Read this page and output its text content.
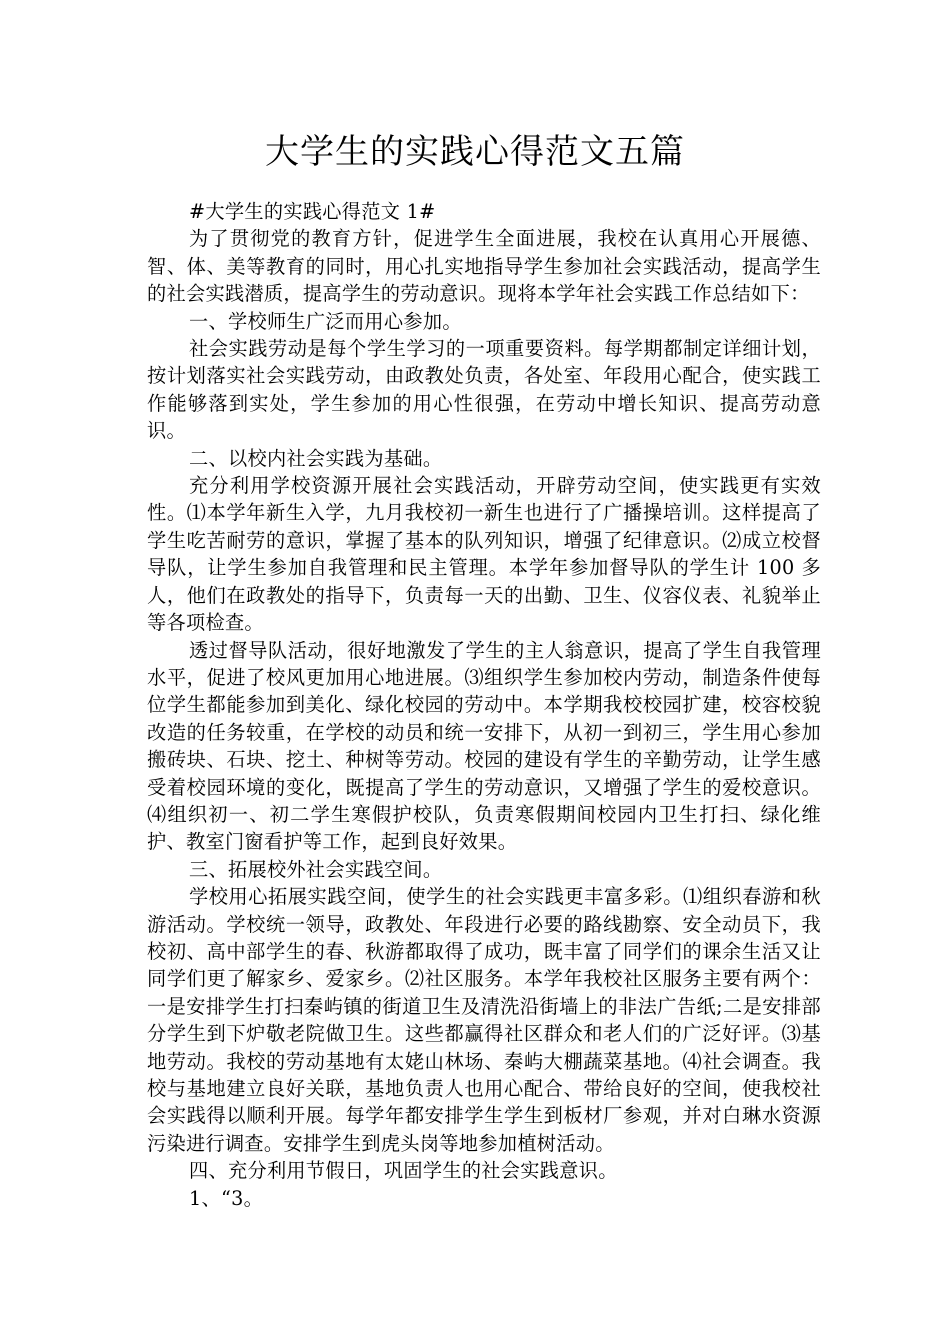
大学生的实践心得范文五篇

#大学生的实践心得范文 1#

为了贯彻党的教育方针，促进学生全面进展，我校在认真用心开展德、智、体、美等教育的同时，用心扎实地指导学生参加社会实践活动，提高学生的社会实践潜质，提高学生的劳动意识。现将本学年社会实践工作总结如下：

一、学校师生广泛而用心参加。

社会实践劳动是每个学生学习的一项重要资料。每学期都制定详细计划，按计划落实社会实践劳动，由政教处负责，各处室、年段用心配合，使实践工作能够落到实处，学生参加的用心性很强，在劳动中增长知识、提高劳动意识。

二、以校内社会实践为基础。

充分利用学校资源开展社会实践活动，开辟劳动空间，使实践更有实效性。⑴本学年新生入学，九月我校初一新生也进行了广播操培训。这样提高了学生吃苦耐劳的意识，掌握了基本的队列知识，增强了纪律意识。⑵成立校督导队，让学生参加自我管理和民主管理。本学年参加督导队的学生计 100 多人，他们在政教处的指导下，负责每一天的出勤、卫生、仪容仪表、礼貌举止等各项检查。

透过督导队活动，很好地激发了学生的主人翁意识，提高了学生自我管理水平，促进了校风更加用心地进展。⑶组织学生参加校内劳动，制造条件使每位学生都能参加到美化、绿化校园的劳动中。本学期我校校园扩建，校容校貌改造的任务较重，在学校的动员和统一安排下，从初一到初三，学生用心参加搬砖块、石块、挖土、种树等劳动。校园的建设有学生的辛勤劳动，让学生感受着校园环境的变化，既提高了学生的劳动意识，又增强了学生的爱校意识。⑷组织初一、初二学生寒假护校队，负责寒假期间校园内卫生打扫、绿化维护、教室门窗看护等工作，起到良好效果。

三、拓展校外社会实践空间。

学校用心拓展实践空间，使学生的社会实践更丰富多彩。⑴组织春游和秋游活动。学校统一领导，政教处、年段进行必要的路线勘察、安全动员下，我校初、高中部学生的春、秋游都取得了成功，既丰富了同学们的课余生活又让同学们更了解家乡、爱家乡。⑵社区服务。本学年我校社区服务主要有两个：一是安排学生打扫秦屿镇的街道卫生及清洗沿街墙上的非法广告纸;二是安排部分学生到下炉敬老院做卫生。这些都赢得社区群众和老人们的广泛好评。⑶基地劳动。我校的劳动基地有太姥山林场、秦屿大棚蔬菜基地。⑷社会调查。我校与基地建立良好关联，基地负责人也用心配合、带给良好的空间，使我校社会实践得以顺利开展。每学年都安排学生学生到板材厂参观，并对白琳水资源污染进行调查。安排学生到虎头岗等地参加植树活动。

四、充分利用节假日，巩固学生的社会实践意识。

1、“3。
